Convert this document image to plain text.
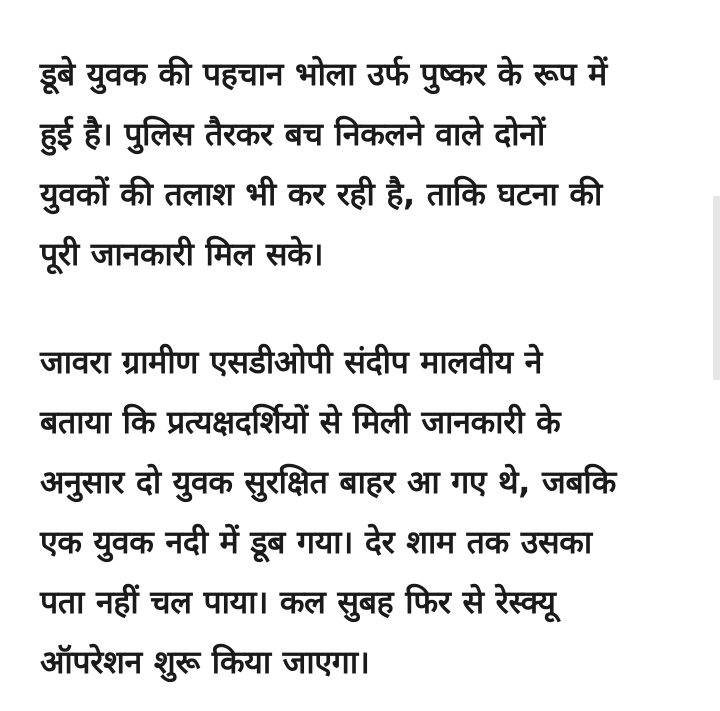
डूबे युवक की पहचान भोला उर्फ पुष्कर के रूप में
हुई है। पुलिस तैरकर बच निकलने वाले दोनों
युवकों की तलाश भी कर रही है, ताकि घटना की
पूरी जानकारी मिल सके।

जावरा ग्रामीण एसडीओपी संदीप मालवीय ने
बताया कि प्रत्यक्षदर्शियों से मिली जानकारी के
अनुसार दो युवक सुरक्षित बाहर आ गए थे, जबकि
एक युवक नदी में डूब गया। देर शाम तक उसका
पता नहीं चल पाया। कल सुबह फिर से रेस्क्यू
ऑपरेशन शुरू किया जाएगा।
